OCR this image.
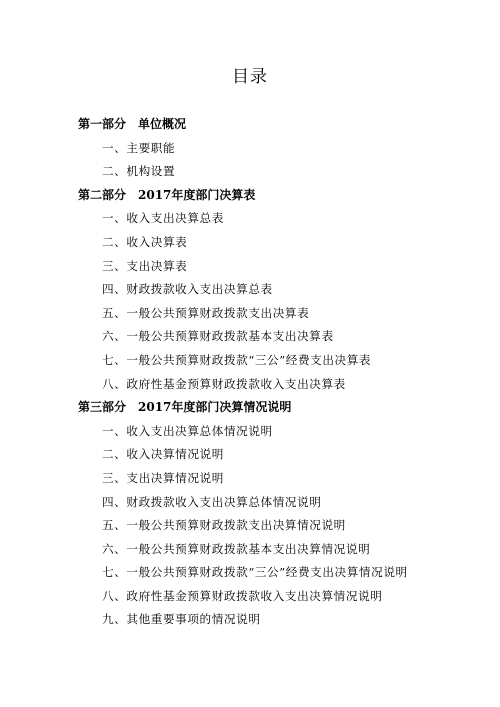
目录
第一部分　单位概况
一、主要职能
二、机构设置
第二部分　2017年度部门决算表
一、收入支出决算总表
二、收入决算表
三、支出决算表
四、财政拨款收入支出决算总表
五、一般公共预算财政拨款支出决算表
六、一般公共预算财政拨款基本支出决算表
七、一般公共预算财政拨款“三公”经费支出决算表
八、政府性基金预算财政拨款收入支出决算表
第三部分　2017年度部门决算情况说明
一、收入支出决算总体情况说明
二、收入决算情况说明
三、支出决算情况说明
四、财政拨款收入支出决算总体情况说明
五、一般公共预算财政拨款支出决算情况说明
六、一般公共预算财政拨款基本支出决算情况说明
七、一般公共预算财政拨款“三公”经费支出决算情况说明
八、政府性基金预算财政拨款收入支出决算情况说明
九、其他重要事项的情况说明
